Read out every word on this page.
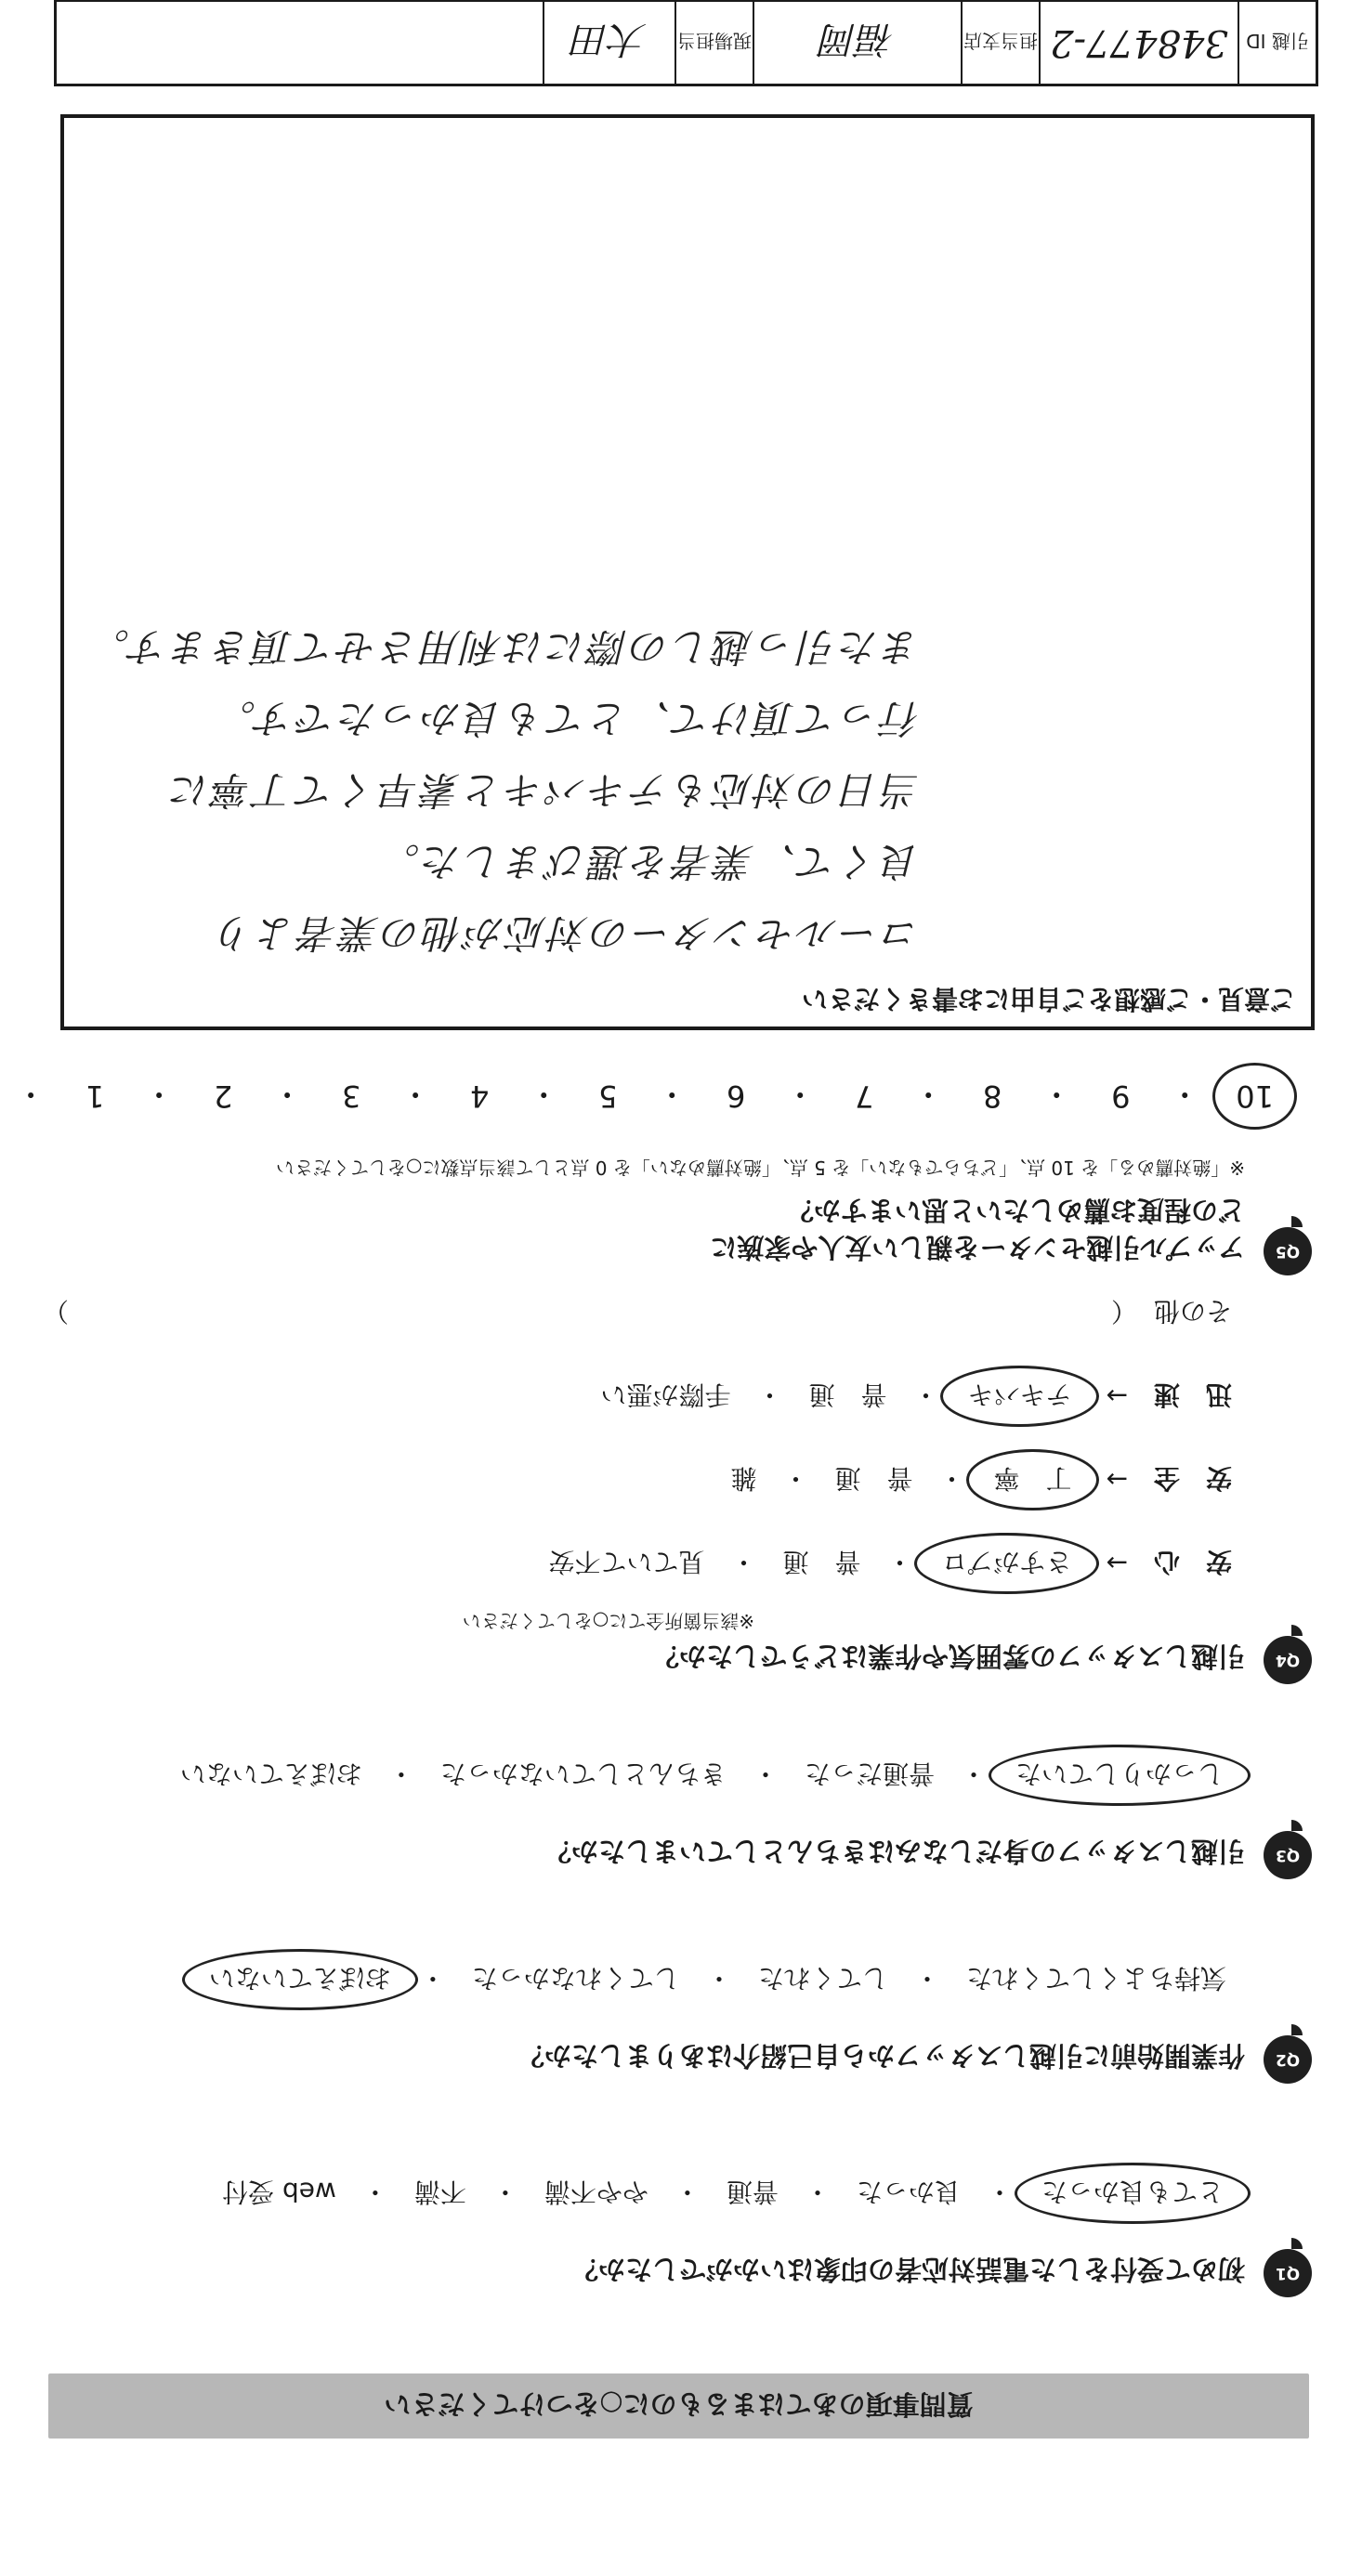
質問事項のあてはまるものに○をつけてください
Q1
初めて受付をした電話対応者の印象はいかがでしたか？
とても良かった
・
良かった
・
普通
・
やや不満
・
不満
・
web 受付
Q2
作業開始前に引越しスタッフから自己紹介はありましたか？
気持ちよくしてくれた
・
してくれた
・
してくれなかった
・
おぼえていない
Q3
引越しスタッフの身だしなみはきちんとしていましたか？
しっかりしていた
・
普通だった
・
きちんとしていなかった
・
おぼえていない
Q4
引越しスタッフの雰囲気や作業はどうでしたか？
※該当箇所全てに○をしてください
安　心
→
さすがプロ
・
普　通
・
見ていて不安
安　全
→
丁　寧
・
普　通
・
雑
迅　速
→
テキパキ
・
普　通
・
手際が悪い
その他
（
）
Q5
アップル引越センターを親しい友人や家族に
どの程度お薦めしたいと思いますか？
※「絶対薦める」を 10 点、「どちらでもない」を 5 点、「絶対薦めない」を 0 点として該当点数に○をしてください
10
・
9
・
8
・
7
・
6
・
5
・
4
・
3
・
2
・
1
・
ご意見・ご感想をご自由にお書きください
コールセンターの対応が他の業者より
良くて、業者を選びました。
当日の対応もテキパキと素早くて丁寧に
行って頂けて、とても良かったです。
また引っ越しの際には利用させて頂きます。
引越 ID
348477-2
担当支店
福岡
現場担当
大田
